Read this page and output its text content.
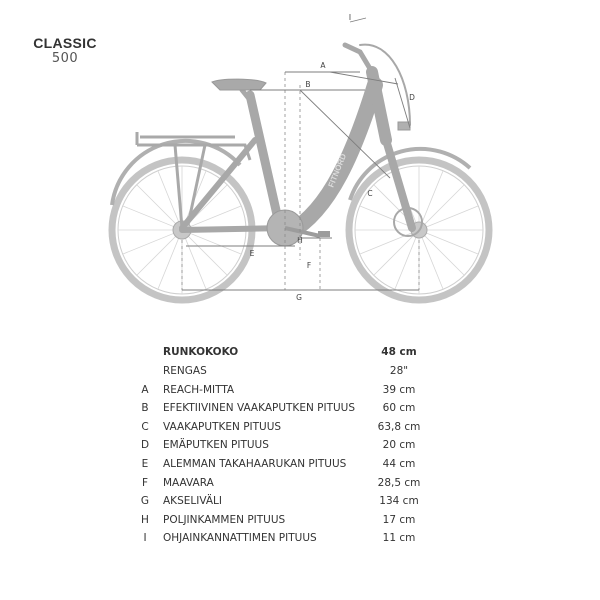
CLASSIC
500
FITNORD
A
B
C
D
E
F
G
H
I
RUNKOKOKO	48 cm
RENGAS	28"
A REACH-MITTA	39 cm
B EFEKTIIVINEN VAAKAPUTKEN PITUUS	60 cm
C VAAKAPUTKEN PITUUS	63,8 cm
D EMÄPUTKEN PITUUS	20 cm
E ALEMMAN TAKAHAARUKAN PITUUS	44 cm
F MAAVARA	28,5 cm
G AKSELIVÄLI	134 cm
H POLJINKAMMEN PITUUS	17 cm
I	OHJAINKANNATTIMEN PITUUS	11 cm
